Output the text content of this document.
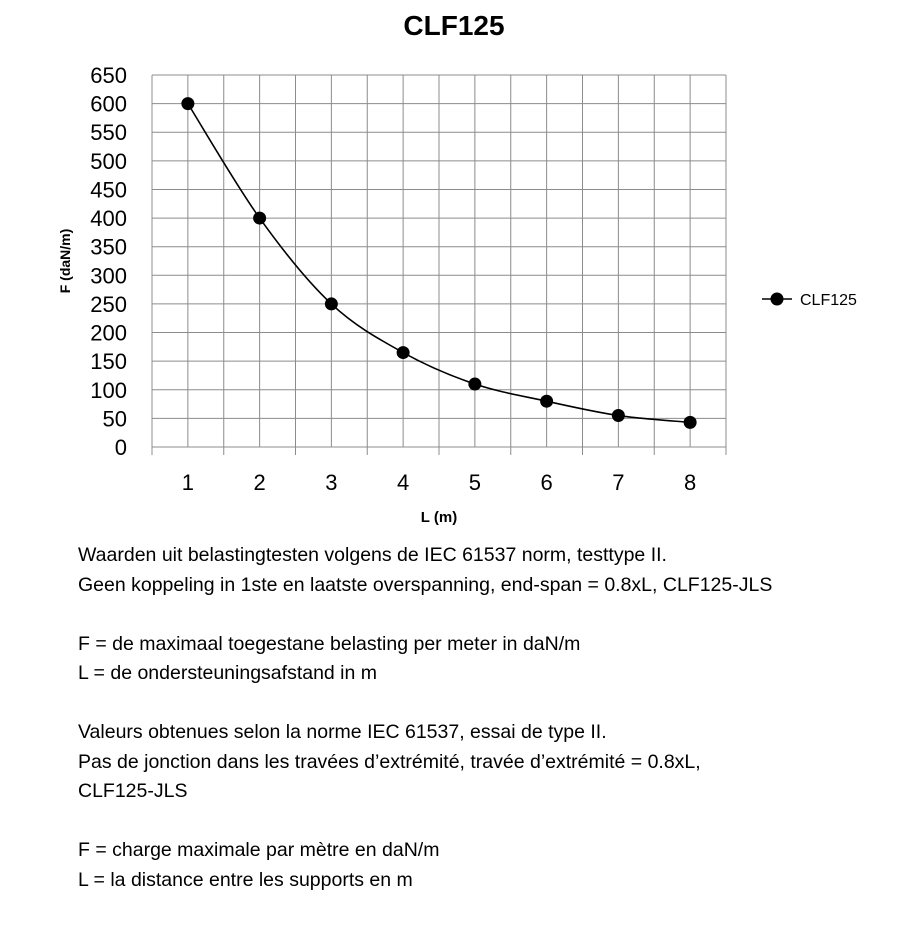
CLF125
0
50
100
150
200
250
300
350
400
450
500
550
600
650
1	2	3	4	5	6	7	8
F (daN/m)
L (m)
CLF125
Waarden uit belastingtesten volgens de IEC 61537 norm, testtype II.
Geen koppeling in 1ste en laatste overspanning, end-span = 0.8xL, CLF125-JLS
F = de maximaal toegestane belasting per meter in daN/m
L = de ondersteuningsafstand in m
Valeurs obtenues selon la norme IEC 61537, essai de type II.
Pas de jonction dans les travées d’extrémité, travée d’extrémité = 0.8xL,
CLF125-JLS
F = charge maximale par mètre en daN/m
L = la distance entre les supports en m
